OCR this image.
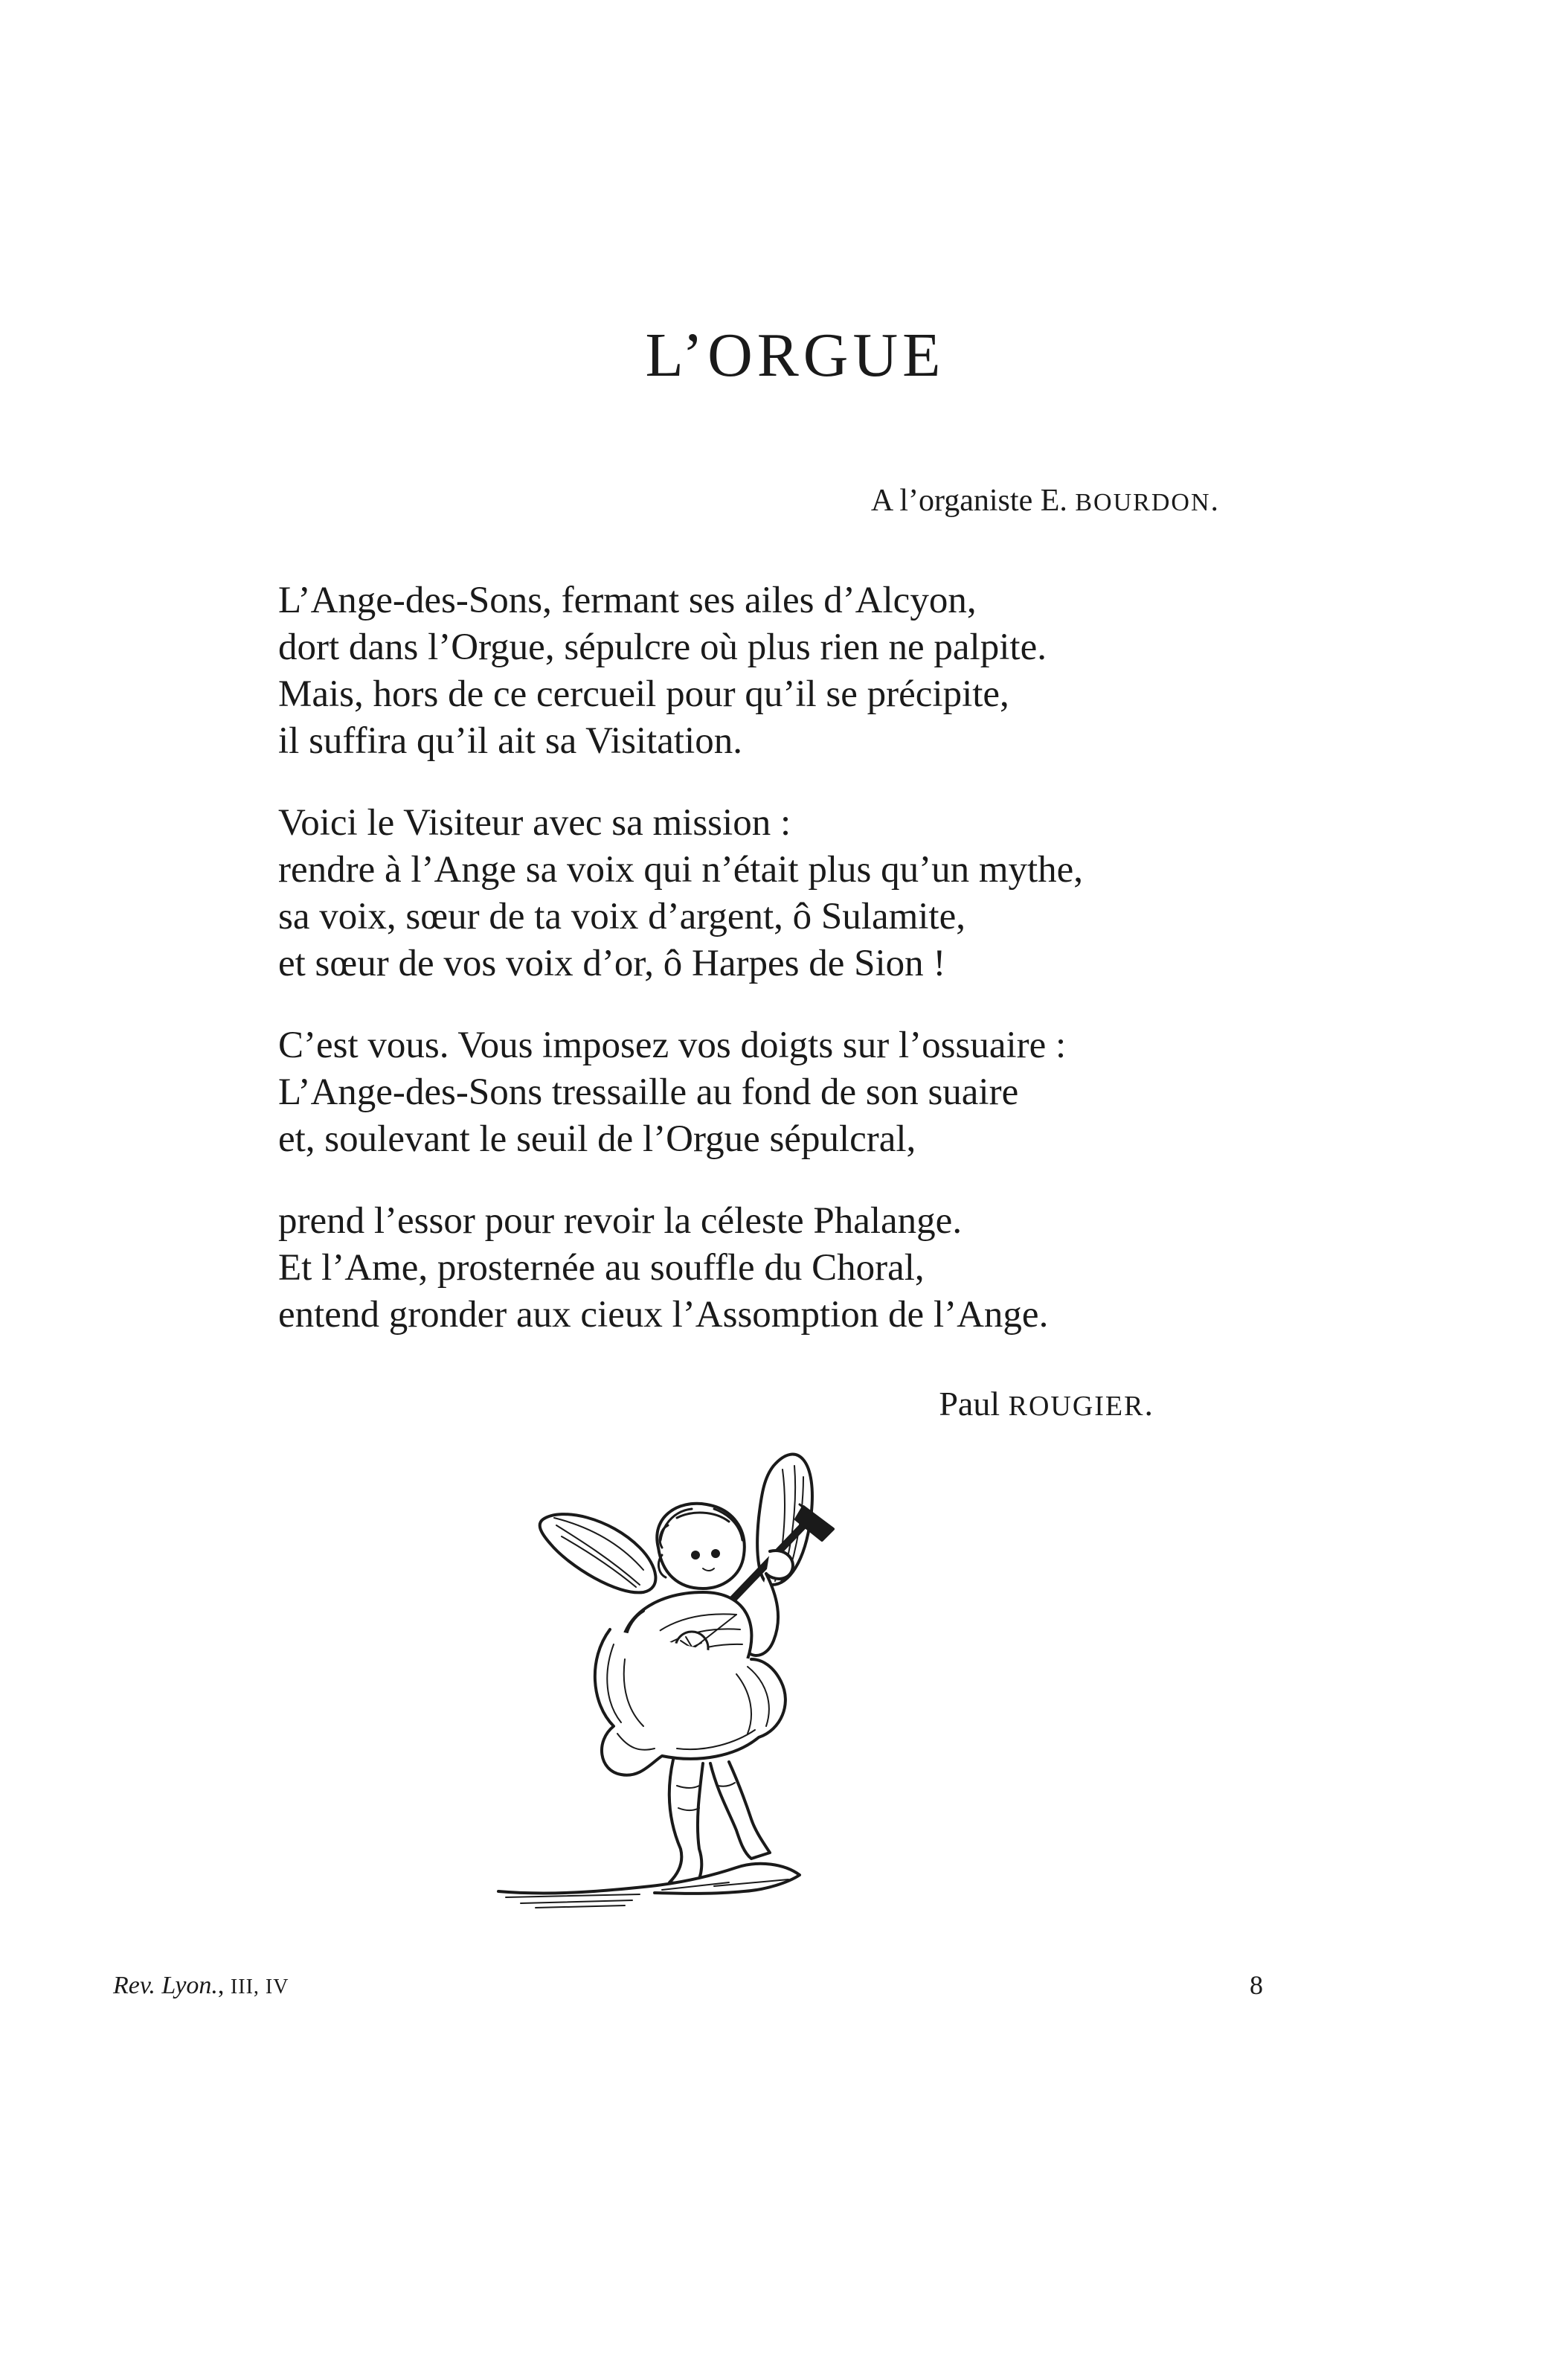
L’ORGUE
A l’organiste E. BOURDON.
L’Ange-des-Sons, fermant ses ailes d’Alcyon,
dort dans l’Orgue, sépulcre où plus rien ne palpite.
Mais, hors de ce cercueil pour qu’il se précipite,
il suffira qu’il ait sa Visitation.
Voici le Visiteur avec sa mission :
rendre à l’Ange sa voix qui n’était plus qu’un mythe,
sa voix, sœur de ta voix d’argent, ô Sulamite,
et sœur de vos voix d’or, ô Harpes de Sion !
C’est vous. Vous imposez vos doigts sur l’ossuaire :
L’Ange-des-Sons tressaille au fond de son suaire
et, soulevant le seuil de l’Orgue sépulcral,
prend l’essor pour revoir la céleste Phalange.
Et l’Ame, prosternée au souffle du Choral,
entend gronder aux cieux l’Assomption de l’Ange.
Paul ROUGIER.
Rev. Lyon., III, IV	8
